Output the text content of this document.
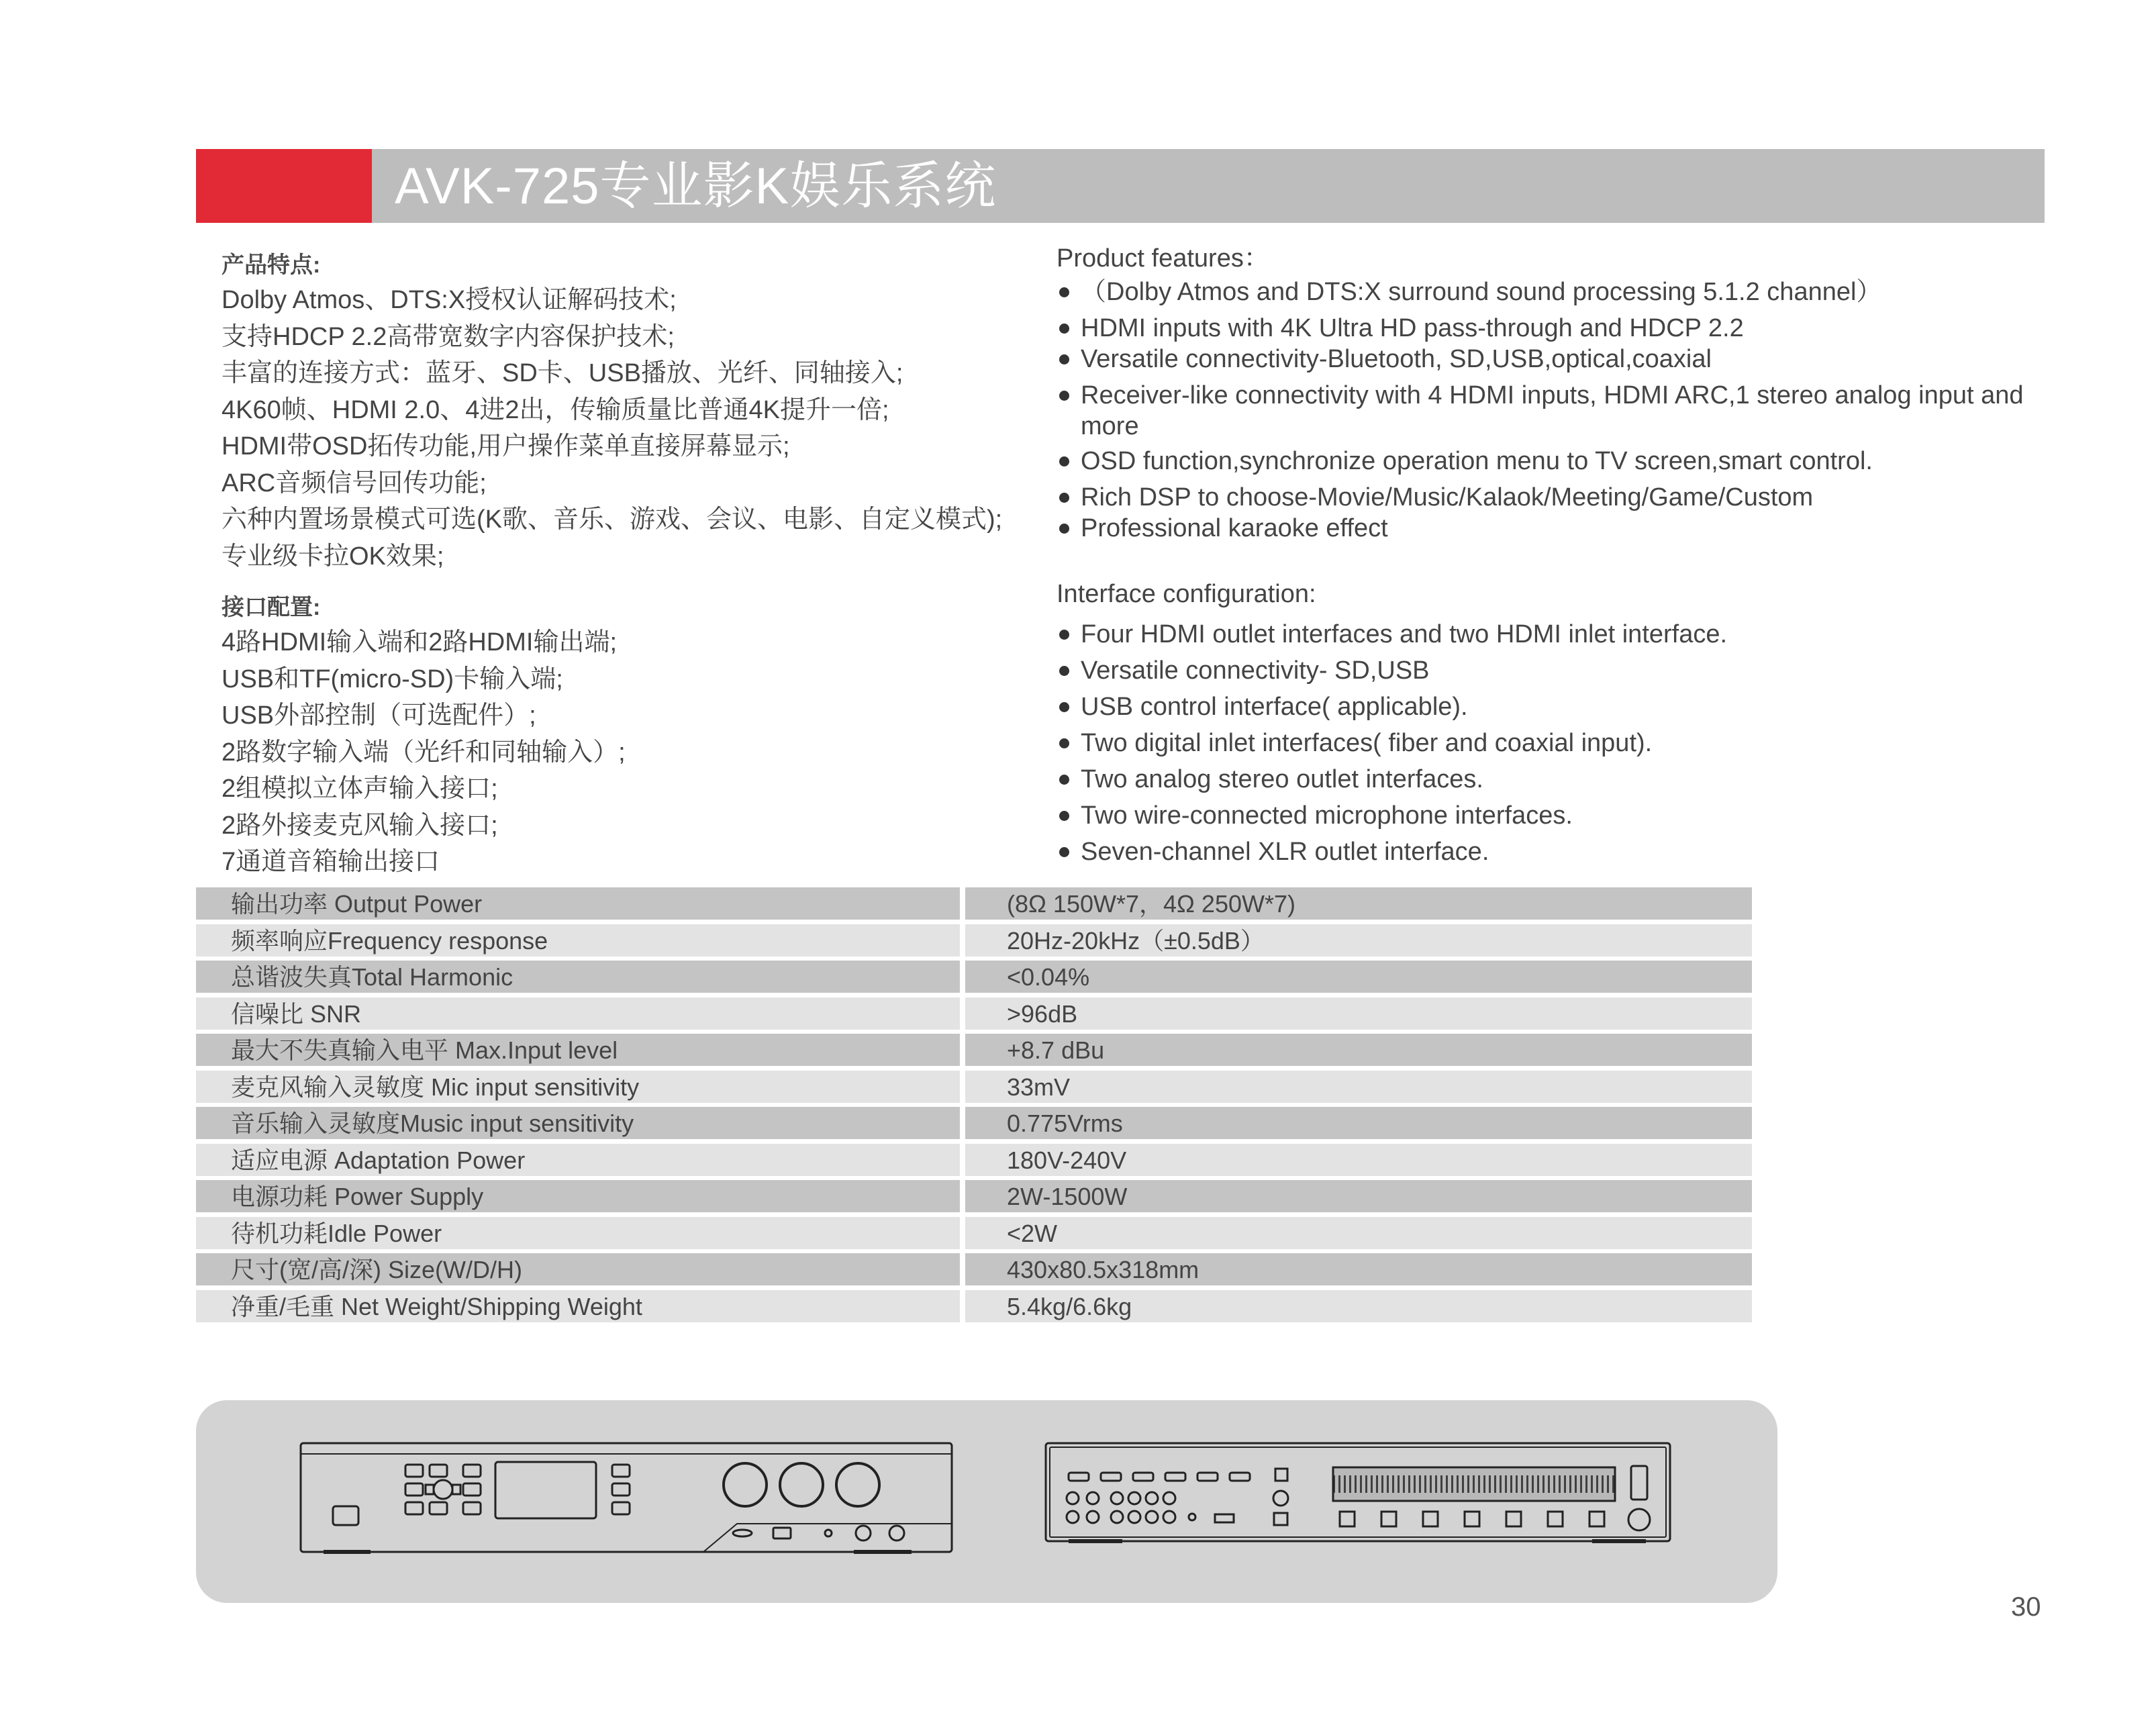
AVK-725专业影K娱乐系统
产品特点:
Dolby Atmos、DTS:X授权认证解码技术;
支持HDCP 2.2高带宽数字内容保护技术;
丰富的连接方式：蓝牙、SD卡、USB播放、光纤、同轴接入;
4K60帧、HDMI 2.0、4进2出，传输质量比普通4K提升一倍;
HDMI带OSD拓传功能,用户操作菜单直接屏幕显示;
ARC音频信号回传功能;
六种内置场景模式可选(K歌、音乐、游戏、会议、电影、自定义模式);
专业级卡拉OK效果;
接口配置:
4路HDMI输入端和2路HDMI输出端;
USB和TF(micro-SD)卡输入端;
USB外部控制（可选配件）;
2路数字输入端（光纤和同轴输入）;
2组模拟立体声输入接口;
2路外接麦克风输入接口;
7通道音箱输出接口
Product features：
（Dolby Atmos and DTS:X surround sound processing 5.1.2 channel）
HDMI inputs with 4K Ultra HD pass-through and HDCP 2.2
Versatile connectivity-Bluetooth, SD,USB,optical,coaxial
Receiver-like connectivity with 4 HDMI inputs, HDMI ARC,1 stereo analog input and more
OSD function,synchronize operation menu to TV screen,smart control.
Rich DSP to choose-Movie/Music/Kalaok/Meeting/Game/Custom
Professional karaoke effect
Interface configuration:
Four HDMI outlet interfaces and two HDMI inlet interface.
Versatile connectivity- SD,USB
USB control interface( applicable).
Two digital inlet interfaces( fiber and coaxial input).
Two analog stereo outlet interfaces.
Two wire-connected microphone interfaces.
Seven-channel XLR outlet interface.
输出功率 Output Power	(8Ω 150W*7，4Ω 250W*7)
频率响应Frequency response	20Hz-20kHz（±0.5dB）
总谐波失真Total Harmonic	<0.04%
信噪比 SNR	>96dB
最大不失真输入电平 Max.Input level	+8.7 dBu
麦克风输入灵敏度 Mic input sensitivity	33mV
音乐输入灵敏度Music input sensitivity	0.775Vrms
适应电源 Adaptation Power	180V-240V
电源功耗 Power Supply	2W-1500W
待机功耗Idle Power	<2W
尺寸(宽/高/深) Size(W/D/H)	430x80.5x318mm
净重/毛重 Net Weight/Shipping Weight	5.4kg/6.6kg
30
